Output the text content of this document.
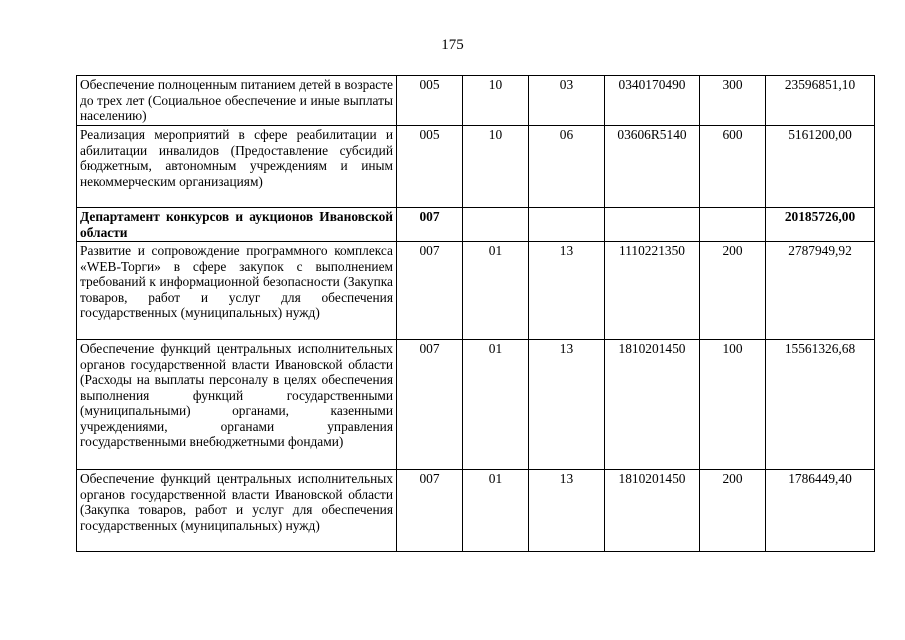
175
Обеспечение полноценным питанием детей в возрасте до трех лет (Социальное обеспечение и иные выплаты населению)	005	10	03	0340170490	300	23596851,10
Реализация мероприятий в сфере реабилитации и абилитации инвалидов (Предоставление субсидий бюджетным, автономным учреждениям и иным некоммерческим организациям)	005	10	06	03606R5140	600	5161200,00
Департамент конкурсов и аукционов Ивановской области	007					20185726,00
Развитие и сопровождение программного комплекса «WEB-Торги» в сфере закупок с выполнением требований к информационной безопасности (Закупка товаров, работ и услуг для обеспечения государственных (муниципальных) нужд)	007	01	13	1110221350	200	2787949,92
Обеспечение функций центральных исполнительных органов государственной власти Ивановской области (Расходы на выплаты персоналу в целях обеспечения выполнения функций государственными (муниципальными) органами, казенными учреждениями, органами управления государственными внебюджетными фондами)	007	01	13	1810201450	100	15561326,68
Обеспечение функций центральных исполнительных органов государственной власти Ивановской области (Закупка товаров, работ и услуг для обеспечения государственных (муниципальных) нужд)	007	01	13	1810201450	200	1786449,40
